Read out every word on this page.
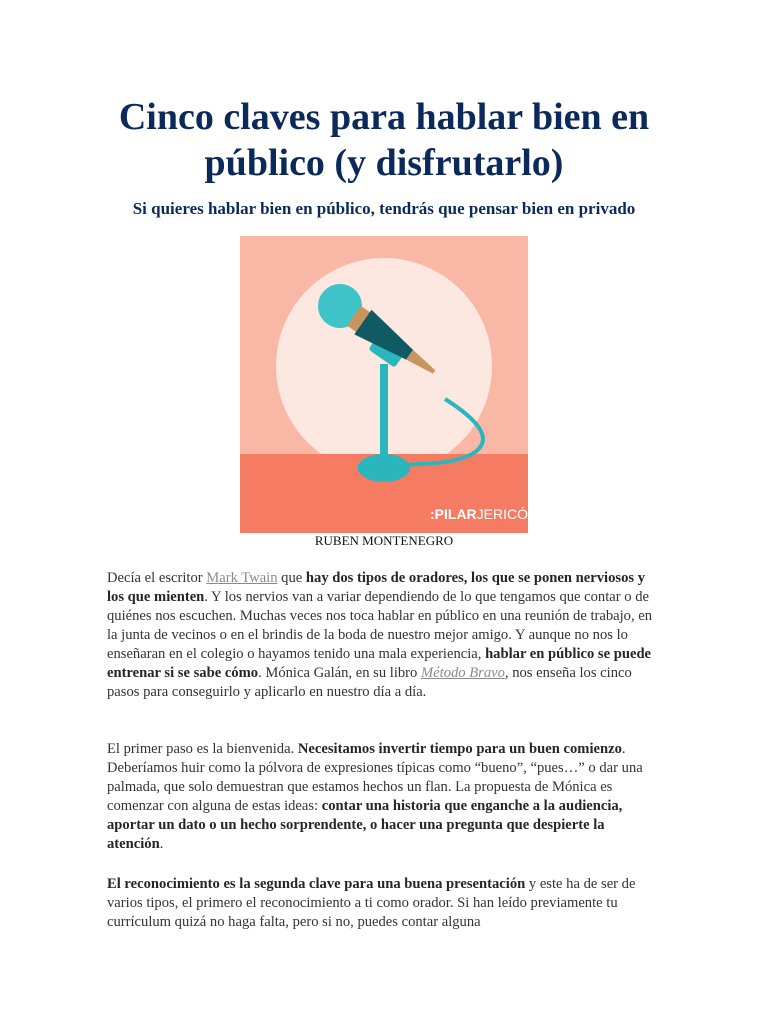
Cinco claves para hablar bien en público (y disfrutarlo)
Si quieres hablar bien en público, tendrás que pensar bien en privado
:PILARJERICÓ
RUBEN MONTENEGRO

Decía el escritor Mark Twain que hay dos tipos de oradores, los que se ponen nerviosos y los que mienten. Y los nervios van a variar dependiendo de lo que tengamos que contar o de quiénes nos escuchen. Muchas veces nos toca hablar en público en una reunión de trabajo, en la junta de vecinos o en el brindis de la boda de nuestro mejor amigo. Y aunque no nos lo enseñaran en el colegio o hayamos tenido una mala experiencia, hablar en público se puede entrenar si se sabe cómo. Mónica Galán, en su libro Método Bravo, nos enseña los cinco pasos para conseguirlo y aplicarlo en nuestro día a día.

El primer paso es la bienvenida. Necesitamos invertir tiempo para un buen comienzo. Deberíamos huir como la pólvora de expresiones típicas como “bueno”, “pues…” o dar una palmada, que solo demuestran que estamos hechos un flan. La propuesta de Mónica es comenzar con alguna de estas ideas: contar una historia que enganche a la audiencia, aportar un dato o un hecho sorprendente, o hacer una pregunta que despierte la atención.

El reconocimiento es la segunda clave para una buena presentación y este ha de ser de varios tipos, el primero el reconocimiento a ti como orador. Si han leído previamente tu currículum quizá no haga falta, pero si no, puedes contar alguna
